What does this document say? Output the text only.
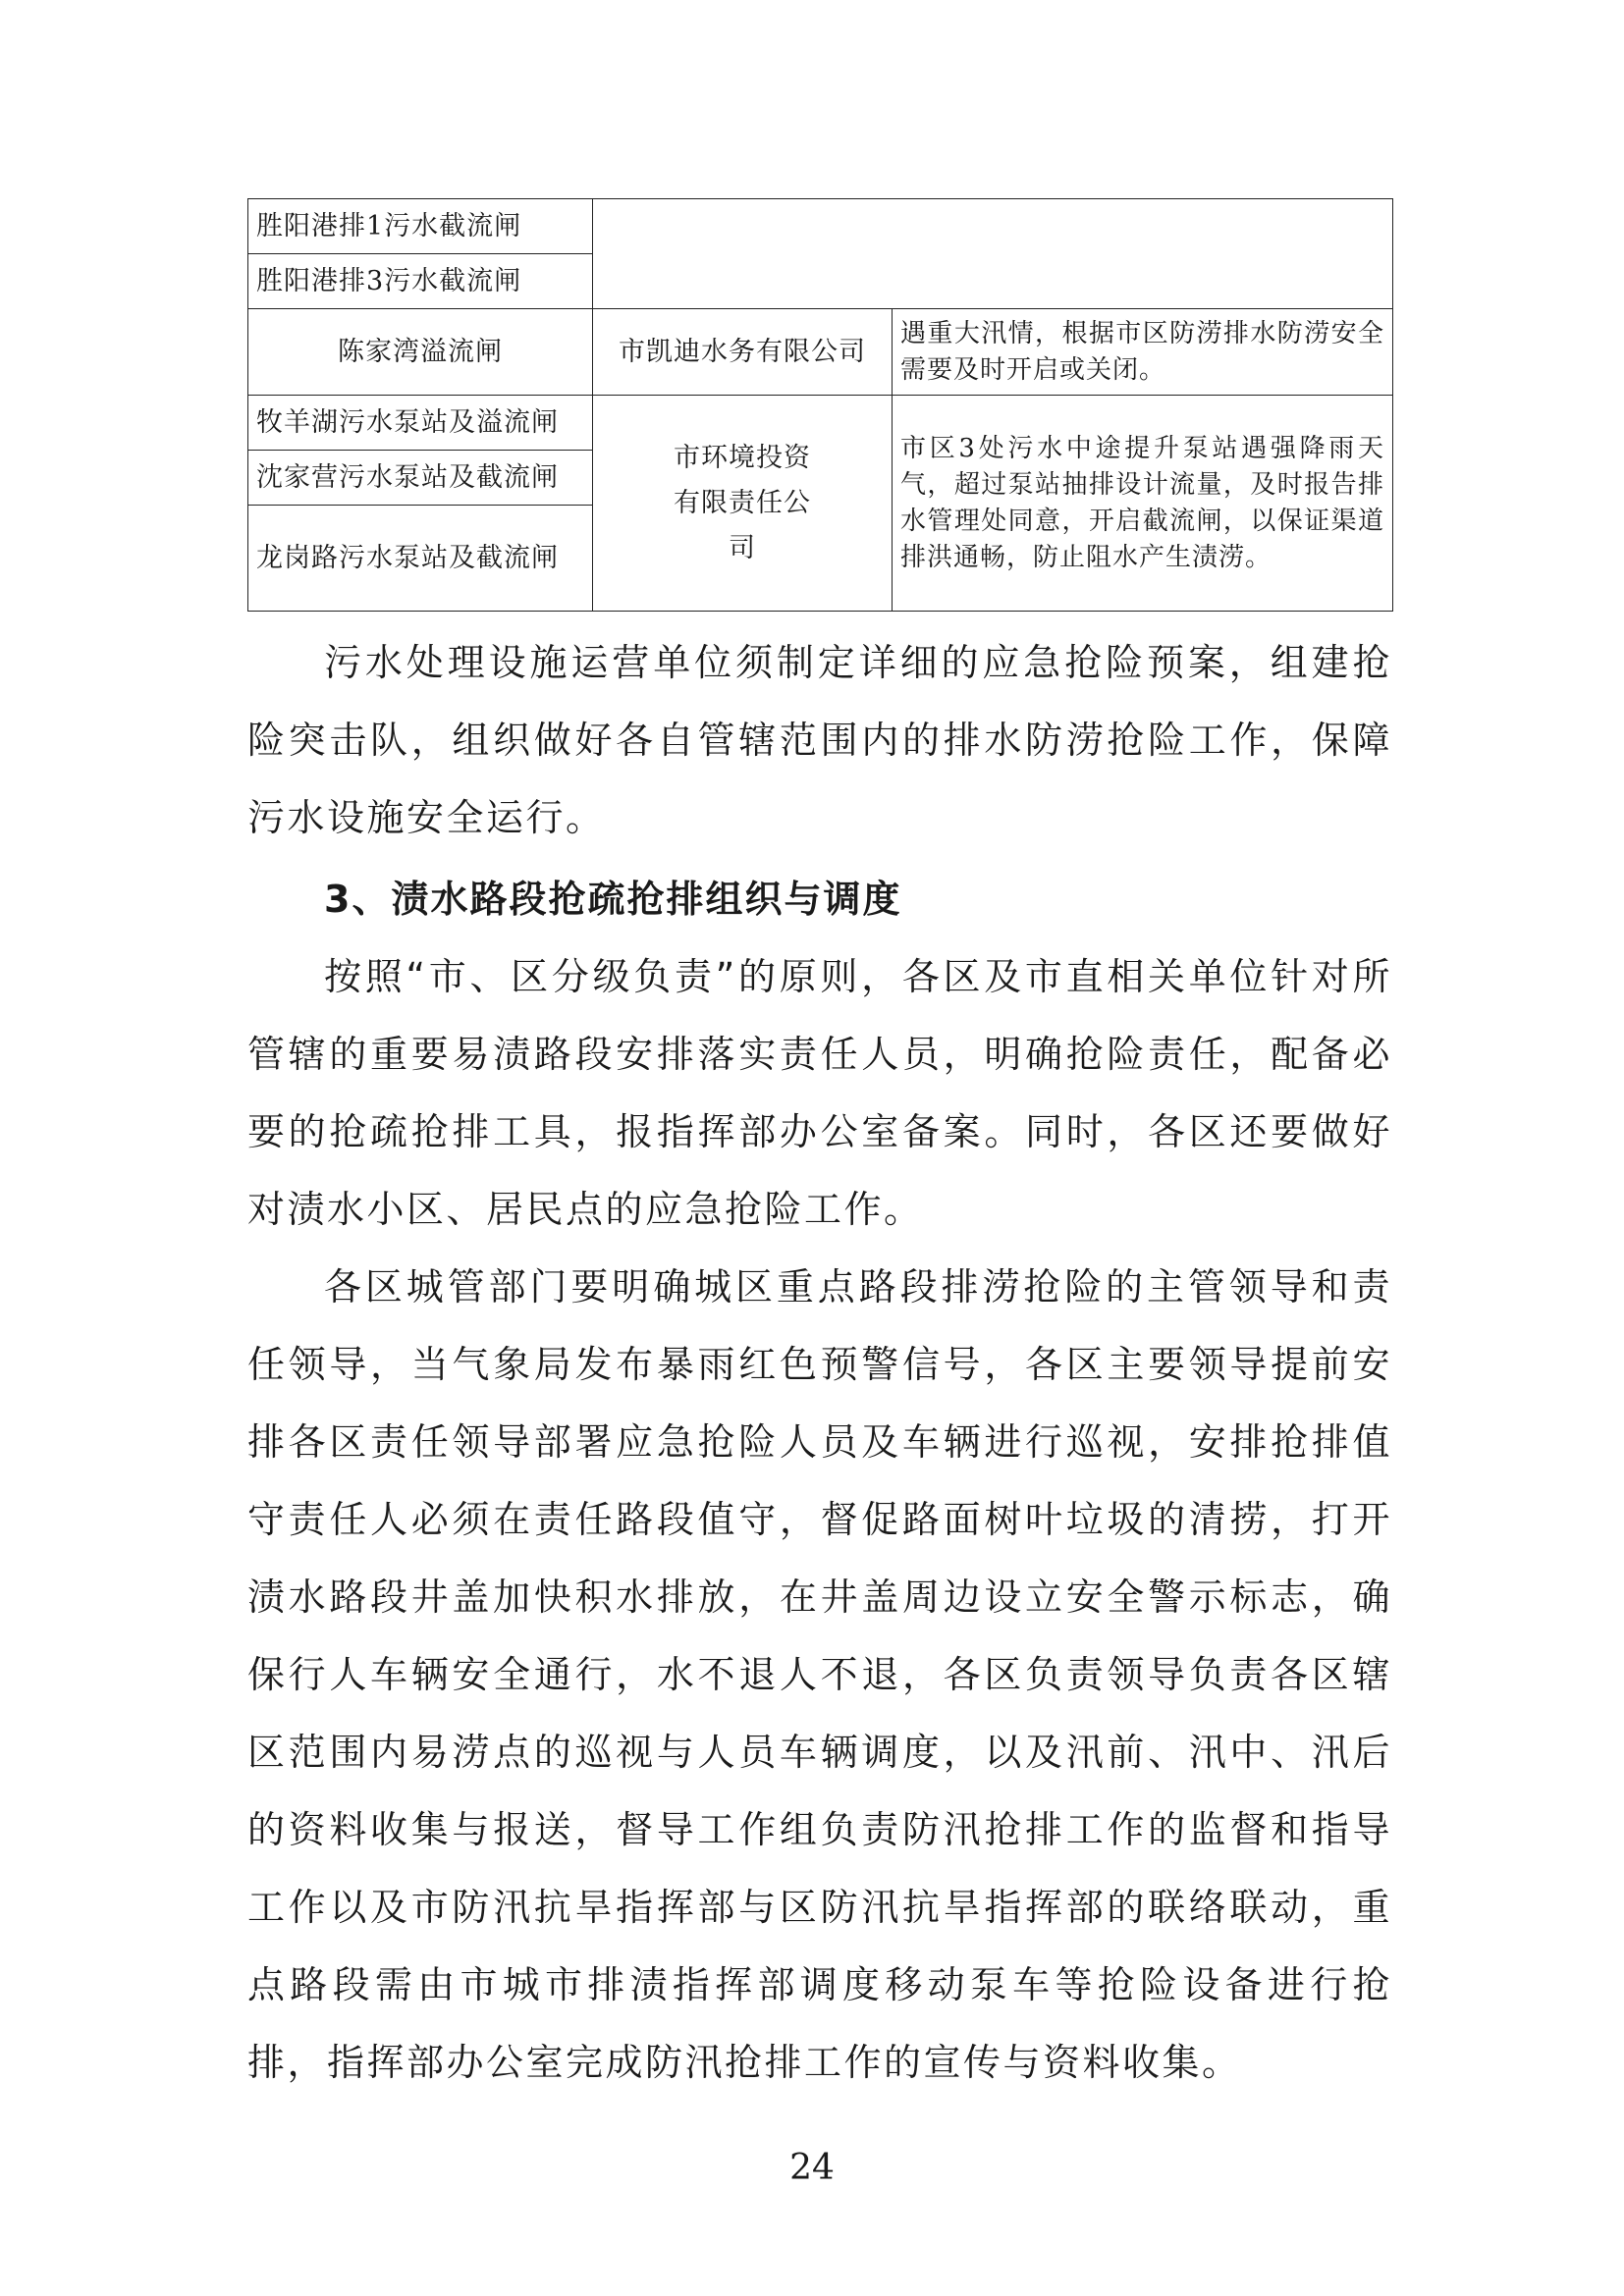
胜阳港排1污水截流闸		
胜阳港排3污水截流闸		
陈家湾溢流闸	市凯迪水务有限公司	遇重大汛情，根据市区防涝排水防涝安全需要及时开启或关闭。
牧羊湖污水泵站及溢流闸	市环境投资有限责任公司	市区3处污水中途提升泵站遇强降雨天气，超过泵站抽排设计流量，及时报告排水管理处同意，开启截流闸，以保证渠道排洪通畅，防止阻水产生渍涝。
沈家营污水泵站及截流闸		
龙岗路污水泵站及截流闸		

污水处理设施运营单位须制定详细的应急抢险预案，组建抢险突击队，组织做好各自管辖范围内的排水防涝抢险工作，保障污水设施安全运行。

3、渍水路段抢疏抢排组织与调度

按照“市、区分级负责”的原则，各区及市直相关单位针对所管辖的重要易渍路段安排落实责任人员，明确抢险责任，配备必要的抢疏抢排工具，报指挥部办公室备案。同时，各区还要做好对渍水小区、居民点的应急抢险工作。

各区城管部门要明确城区重点路段排涝抢险的主管领导和责任领导，当气象局发布暴雨红色预警信号，各区主要领导提前安排各区责任领导部署应急抢险人员及车辆进行巡视，安排抢排值守责任人必须在责任路段值守，督促路面树叶垃圾的清捞，打开渍水路段井盖加快积水排放，在井盖周边设立安全警示标志，确保行人车辆安全通行，水不退人不退，各区负责领导负责各区辖区范围内易涝点的巡视与人员车辆调度，以及汛前、汛中、汛后的资料收集与报送，督导工作组负责防汛抢排工作的监督和指导工作以及市防汛抗旱指挥部与区防汛抗旱指挥部的联络联动，重点路段需由市城市排渍指挥部调度移动泵车等抢险设备进行抢排，指挥部办公室完成防汛抢排工作的宣传与资料收集。

24
